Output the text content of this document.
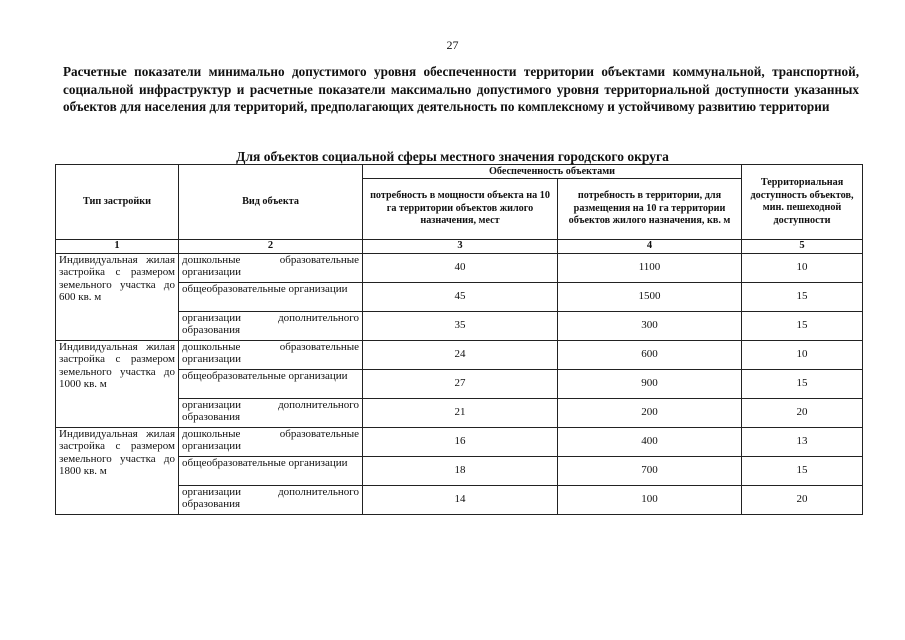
27
Расчетные показатели минимально допустимого уровня обеспеченности территории объектами коммунальной, транспортной, социальной инфраструктур и расчетные показатели максимально допустимого уровня территориальной доступности указанных объектов для населения для территорий, предполагающих деятельность по комплексному и устойчивому развитию территории
Для объектов социальной сферы местного значения городского округа
Тип застройки	Вид объекта	Обеспеченность объектами		Территориальная доступность объектов, мин. пешеходной доступности
		потребность в мощности объекта на 10 га территории объектов жилого назначения, мест	потребность в территории, для размещения на 10 га территории объектов жилого назначения, кв. м	
1	2	3	4	5
Индивидуальная жилая застройка с размером земельного участка до 600 кв. м	дошкольные образовательные организации	40	1100	10
	общеобразовательные организации	45	1500	15
	организации дополнительного образования	35	300	15
Индивидуальная жилая застройка с размером земельного участка до 1000 кв. м	дошкольные образовательные организации	24	600	10
	общеобразовательные организации	27	900	15
	организации дополнительного образования	21	200	20
Индивидуальная жилая застройка с размером земельного участка до 1800 кв. м	дошкольные образовательные организации	16	400	13
	общеобразовательные организации	18	700	15
	организации дополнительного образования	14	100	20
